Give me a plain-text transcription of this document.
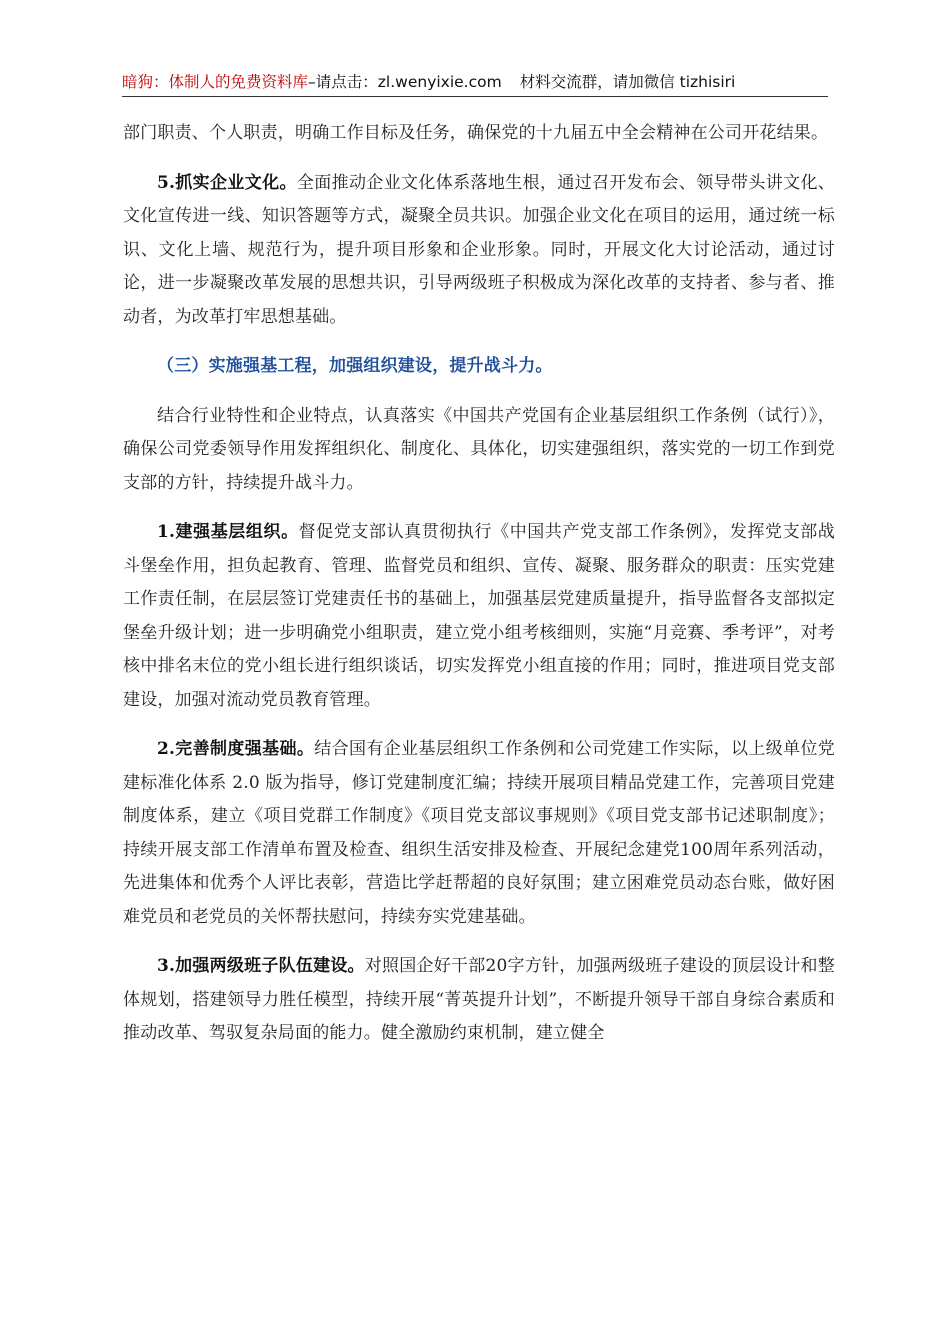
暗狗：体制人的免费资料库–请点击：zl.wenyixie.com 材料交流群，请加微信 tizhisiri

部门职责、个人职责，明确工作目标及任务，确保党的十九届五中全会精神在公司开花结果。

5.抓实企业文化。全面推动企业文化体系落地生根，通过召开发布会、领导带头讲文化、文化宣传进一线、知识答题等方式，凝聚全员共识。加强企业文化在项目的运用，通过统一标识、文化上墙、规范行为，提升项目形象和企业形象。同时，开展文化大讨论活动，通过讨论，进一步凝聚改革发展的思想共识，引导两级班子积极成为深化改革的支持者、参与者、推动者，为改革打牢思想基础。

（三）实施强基工程，加强组织建设，提升战斗力。

结合行业特性和企业特点，认真落实《中国共产党国有企业基层组织工作条例（试行）》，确保公司党委领导作用发挥组织化、制度化、具体化，切实建强组织，落实党的一切工作到党支部的方针，持续提升战斗力。

1.建强基层组织。督促党支部认真贯彻执行《中国共产党支部工作条例》，发挥党支部战斗堡垒作用，担负起教育、管理、监督党员和组织、宣传、凝聚、服务群众的职责：压实党建工作责任制，在层层签订党建责任书的基础上，加强基层党建质量提升，指导监督各支部拟定堡垒升级计划；进一步明确党小组职责，建立党小组考核细则，实施“月竞赛、季考评”，对考核中排名末位的党小组长进行组织谈话，切实发挥党小组直接的作用；同时，推进项目党支部建设，加强对流动党员教育管理。

2.完善制度强基础。结合国有企业基层组织工作条例和公司党建工作实际，以上级单位党建标准化体系 2.0 版为指导，修订党建制度汇编；持续开展项目精品党建工作，完善项目党建制度体系，建立《项目党群工作制度》《项目党支部议事规则》《项目党支部书记述职制度》；持续开展支部工作清单布置及检查、组织生活安排及检查、开展纪念建党100周年系列活动，先进集体和优秀个人评比表彰，营造比学赶帮超的良好氛围；建立困难党员动态台账，做好困难党员和老党员的关怀帮扶慰问，持续夯实党建基础。

3.加强两级班子队伍建设。对照国企好干部20字方针，加强两级班子建设的顶层设计和整体规划，搭建领导力胜任模型，持续开展“菁英提升计划”，不断提升领导干部自身综合素质和推动改革、驾驭复杂局面的能力。健全激励约束机制，建立健全
